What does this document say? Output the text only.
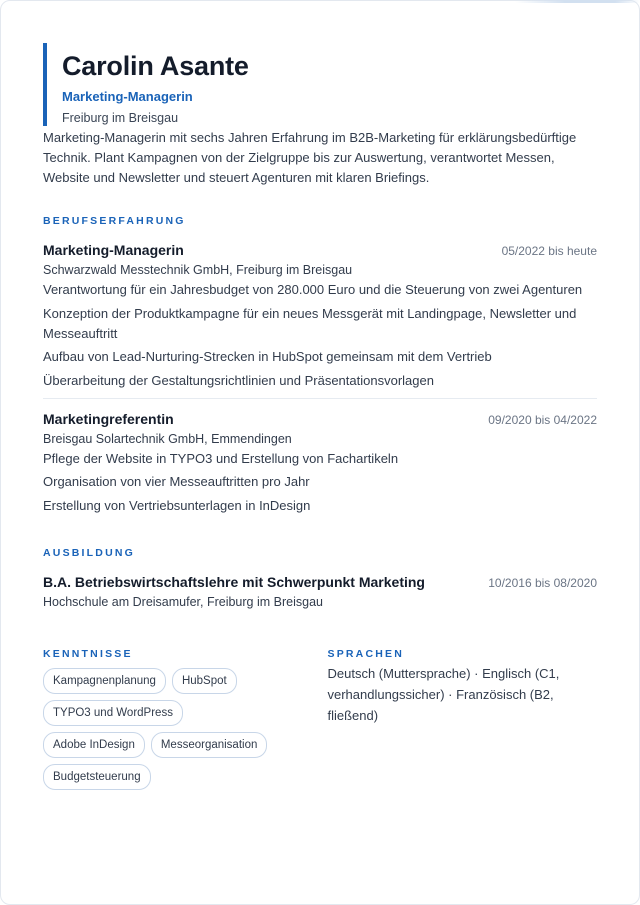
Carolin Asante
Marketing-Managerin
Freiburg im Breisgau

Marketing-Managerin mit sechs Jahren Erfahrung im B2B-Marketing für erklärungsbedürftige Technik. Plant Kampagnen von der Zielgruppe bis zur Auswertung, verantwortet Messen, Website und Newsletter und steuert Agenturen mit klaren Briefings.

BERUFSERFAHRUNG
Marketing-Managerin	05/2022 bis heute
Schwarzwald Messtechnik GmbH, Freiburg im Breisgau
Verantwortung für ein Jahresbudget von 280.000 Euro und die Steuerung von zwei Agenturen
Konzeption der Produktkampagne für ein neues Messgerät mit Landingpage, Newsletter und Messeauftritt
Aufbau von Lead-Nurturing-Strecken in HubSpot gemeinsam mit dem Vertrieb
Überarbeitung der Gestaltungsrichtlinien und Präsentationsvorlagen
Marketingreferentin	09/2020 bis 04/2022
Breisgau Solartechnik GmbH, Emmendingen
Pflege der Website in TYPO3 und Erstellung von Fachartikeln
Organisation von vier Messeauftritten pro Jahr
Erstellung von Vertriebsunterlagen in InDesign
AUSBILDUNG
B.A. Betriebswirtschaftslehre mit Schwerpunkt Marketing	10/2016 bis 08/2020
Hochschule am Dreisamufer, Freiburg im Breisgau
KENNTNISSE
Kampagnenplanung	HubSpot
TYPO3 und WordPress
Adobe InDesign	Messeorganisation
Budgetsteuerung
SPRACHEN

Deutsch (Muttersprache) · Englisch (C1, verhandlungssicher) · Französisch (B2, fließend)
